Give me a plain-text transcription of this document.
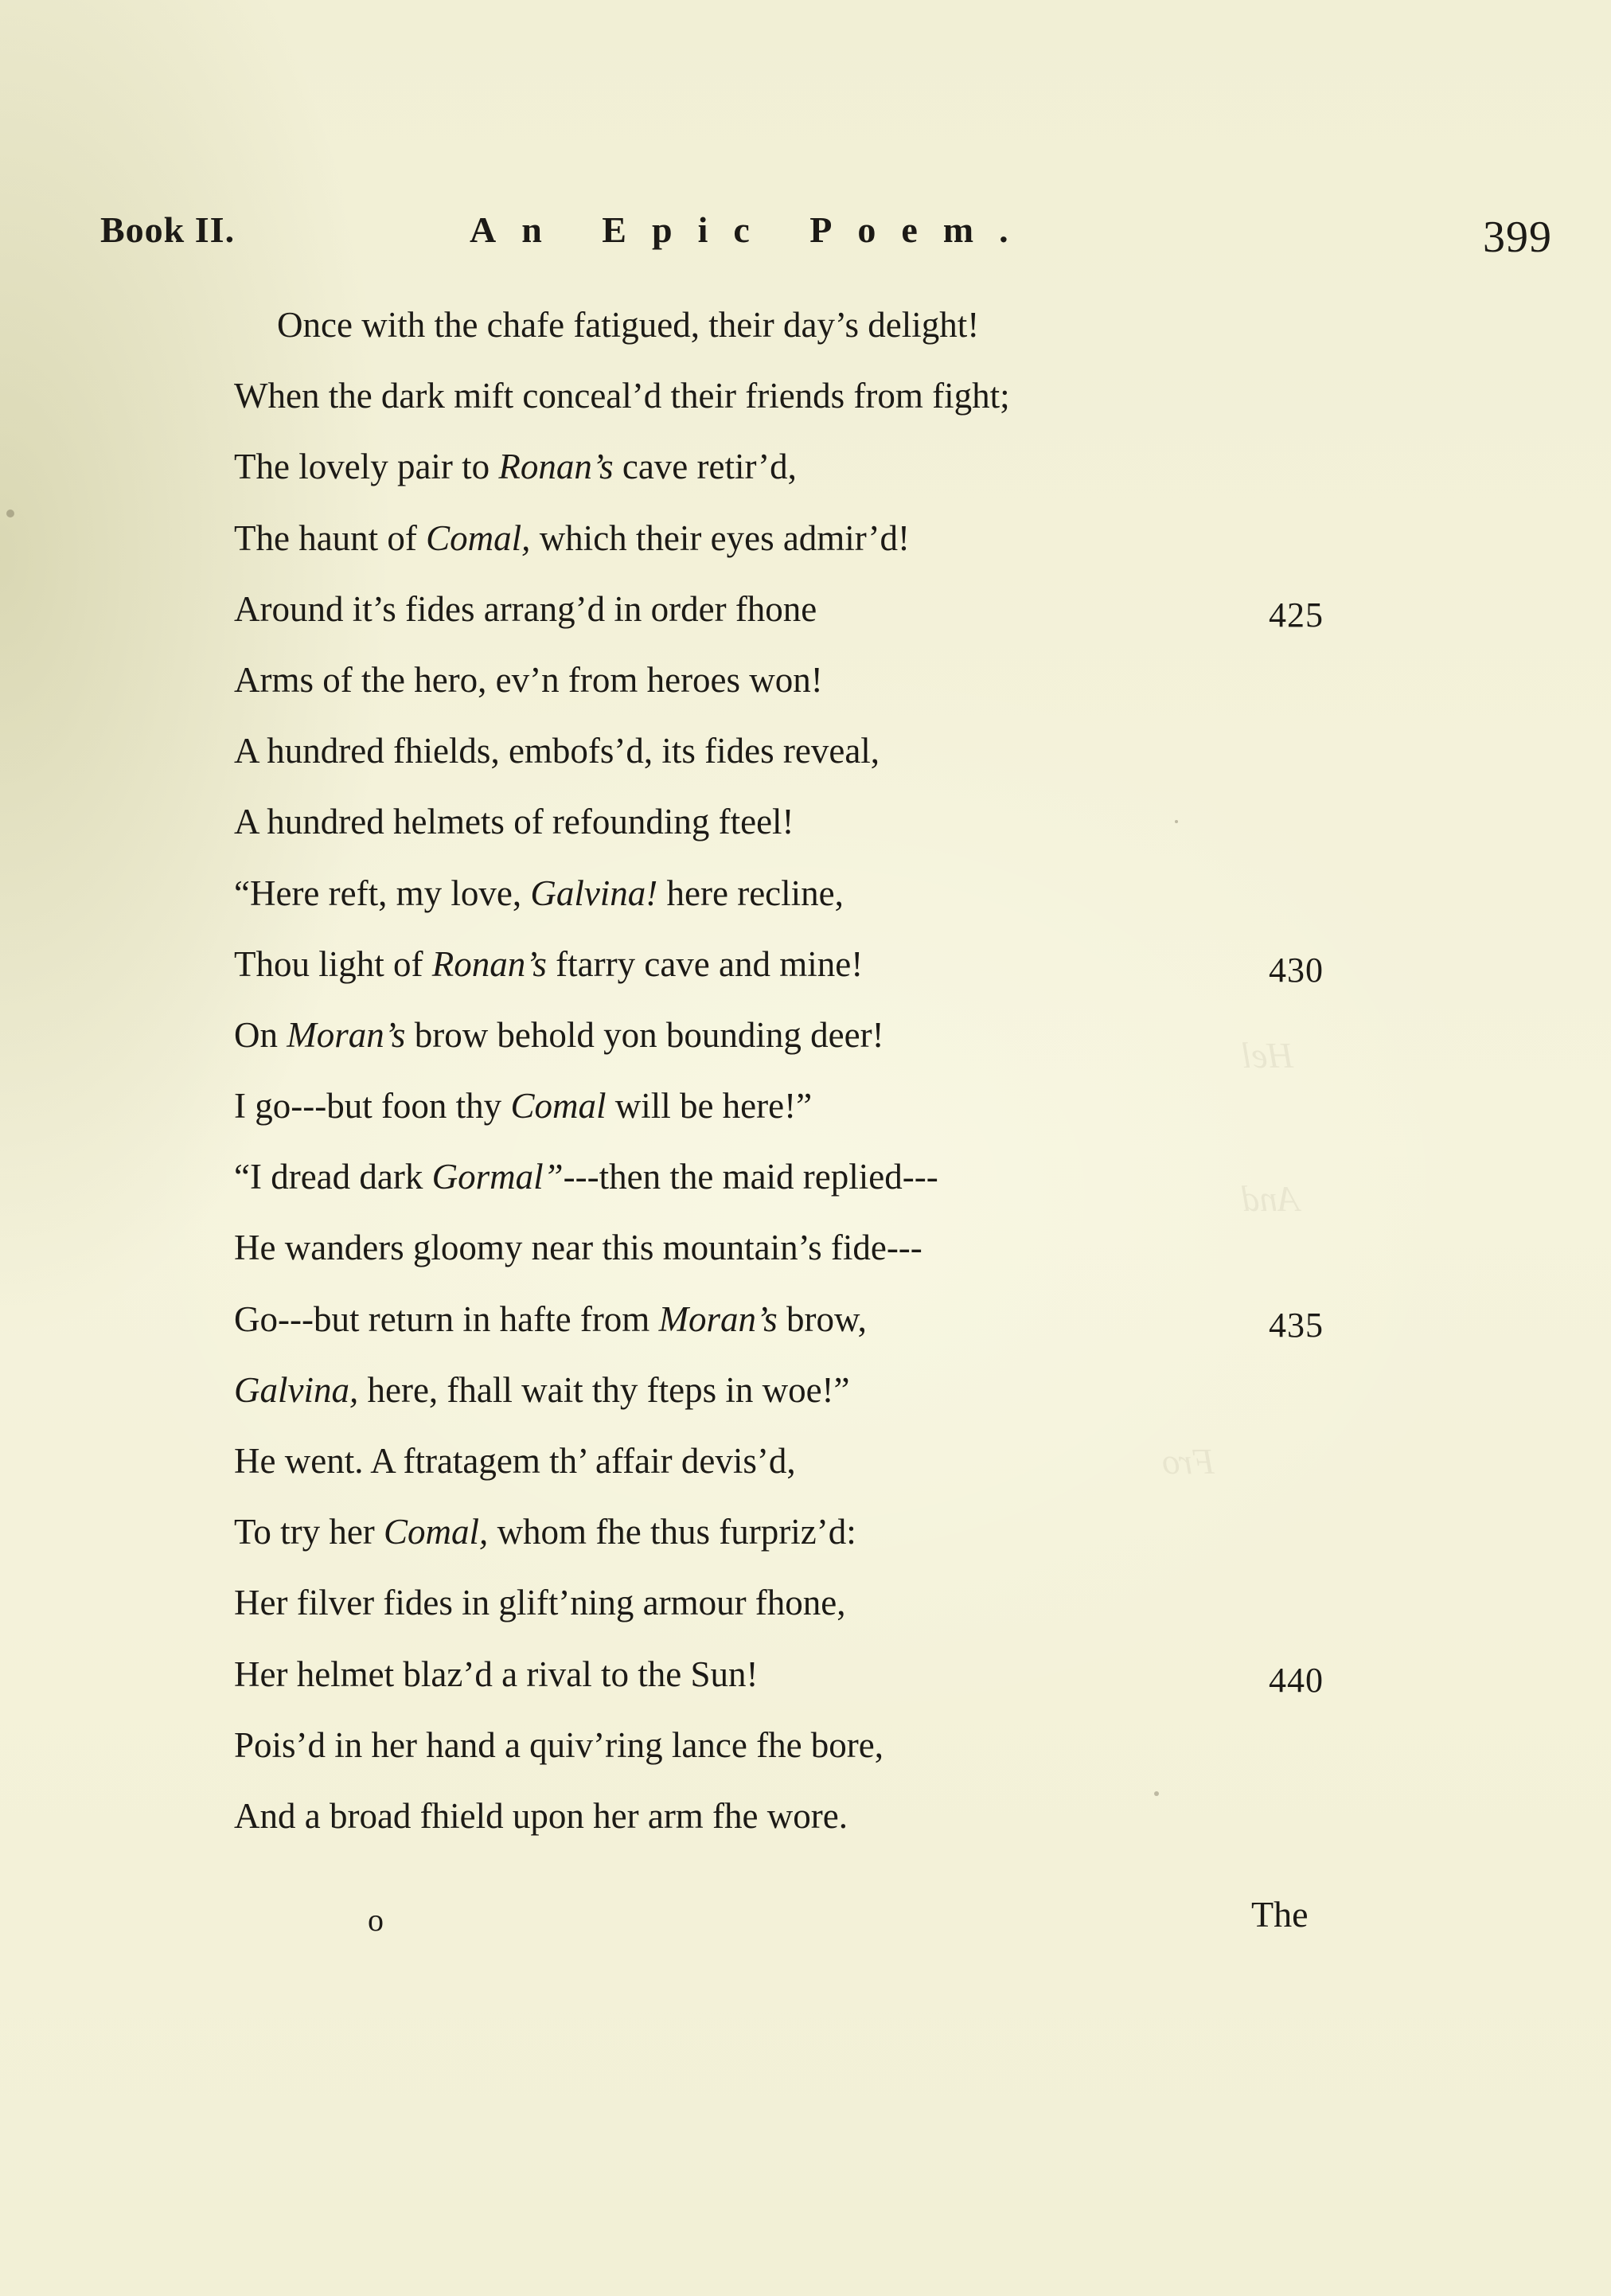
Book II.	An Epic Poem.	399
Once with the chafe fatigued, their day’s delight!
When the dark mift conceal’d their friends from fight;
The lovely pair to Ronan’s cave retir’d,
The haunt of Comal, which their eyes admir’d!
Around it’s fides arrang’d in order fhone	425
Arms of the hero, ev’n from heroes won!
A hundred fhields, embofs’d, its fides reveal,
A hundred helmets of refounding fteel!
“Here reft, my love, Galvina! here recline,
Thou light of Ronan’s ftarry cave and mine!	430
On Moran’s brow behold yon bounding deer!
I go---but foon thy Comal will be here!”
“I dread dark Gormal”---then the maid replied---
He wanders gloomy near this mountain’s fide---
Go---but return in hafte from Moran’s brow,	435
Galvina, here, fhall wait thy fteps in woe!”
He went. A ftratagem th’ affair devis’d,
To try her Comal, whom fhe thus furpriz’d:
Her filver fides in glift’ning armour fhone,
Her helmet blaz’d a rival to the Sun!	440
Pois’d in her hand a quiv’ring lance fhe bore,
And a broad fhield upon her arm fhe wore.
o	The
Hel
And
Fro
